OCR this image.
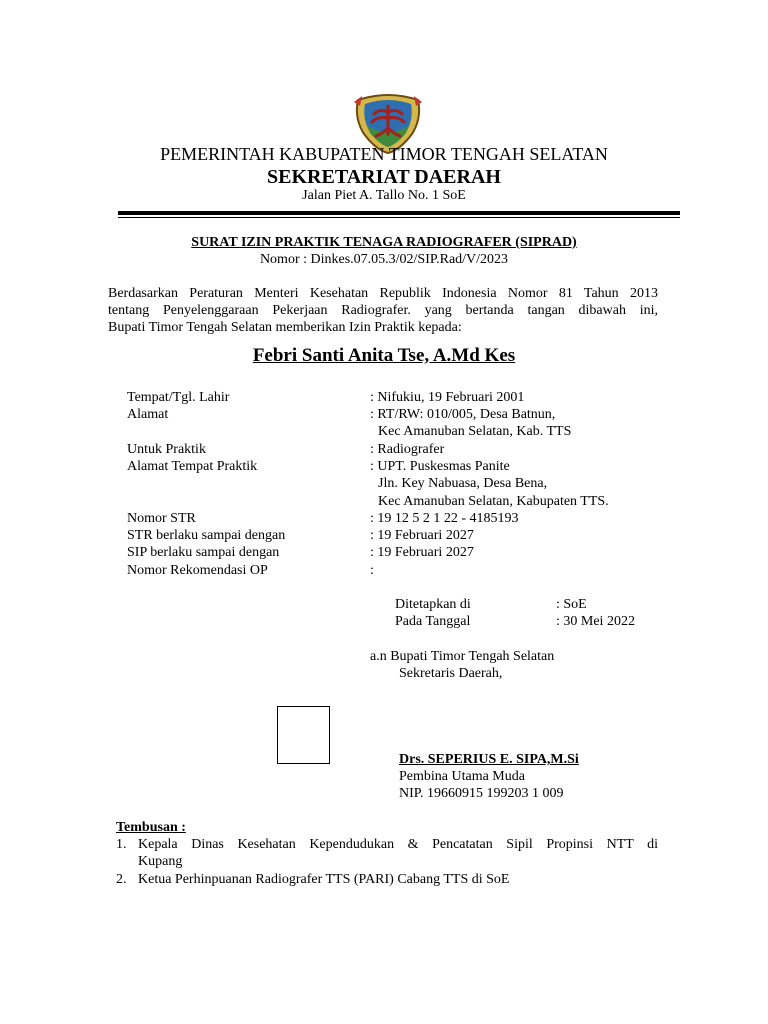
PEMERINTAH KABUPATEN TIMOR TENGAH SELATAN
SEKRETARIAT DAERAH
Jalan Piet A. Tallo No. 1 SoE
SURAT IZIN PRAKTIK TENAGA RADIOGRAFER (SIPRAD)
Nomor : Dinkes.07.05.3/02/SIP.Rad/V/2023
Berdasarkan Peraturan Menteri Kesehatan Republik Indonesia Nomor 81 Tahun 2013
tentang Penyelenggaraan Pekerjaan Radiografer. yang bertanda tangan dibawah ini,
Bupati Timor Tengah Selatan memberikan Izin Praktik kepada:
Febri Santi Anita Tse, A.Md Kes
Tempat/Tgl. Lahir	: Nifukiu, 19 Februari 2001
Alamat	: RT/RW: 010/005, Desa Batnun,
Kec Amanuban Selatan, Kab. TTS
Untuk Praktik	: Radiografer
Alamat Tempat Praktik	: UPT. Puskesmas Panite
Jln. Key Nabuasa, Desa Bena,
Kec Amanuban Selatan, Kabupaten TTS.
Nomor STR	: 19 12 5 2 1 22 - 4185193
STR berlaku sampai dengan	: 19 Februari 2027
SIP berlaku sampai dengan	: 19 Februari 2027
Nomor Rekomendasi OP	:
Ditetapkan di	: SoE
Pada Tanggal	: 30 Mei 2022
a.n Bupati Timor Tengah Selatan
Sekretaris Daerah,
Drs. SEPERIUS E. SIPA,M.Si
Pembina Utama Muda
NIP. 19660915 199203 1 009
Tembusan :
1. Kepala Dinas Kesehatan Kependudukan & Pencatatan Sipil Propinsi NTT di
Kupang
2. Ketua Perhinpuanan Radiografer TTS (PARI) Cabang TTS di SoE
